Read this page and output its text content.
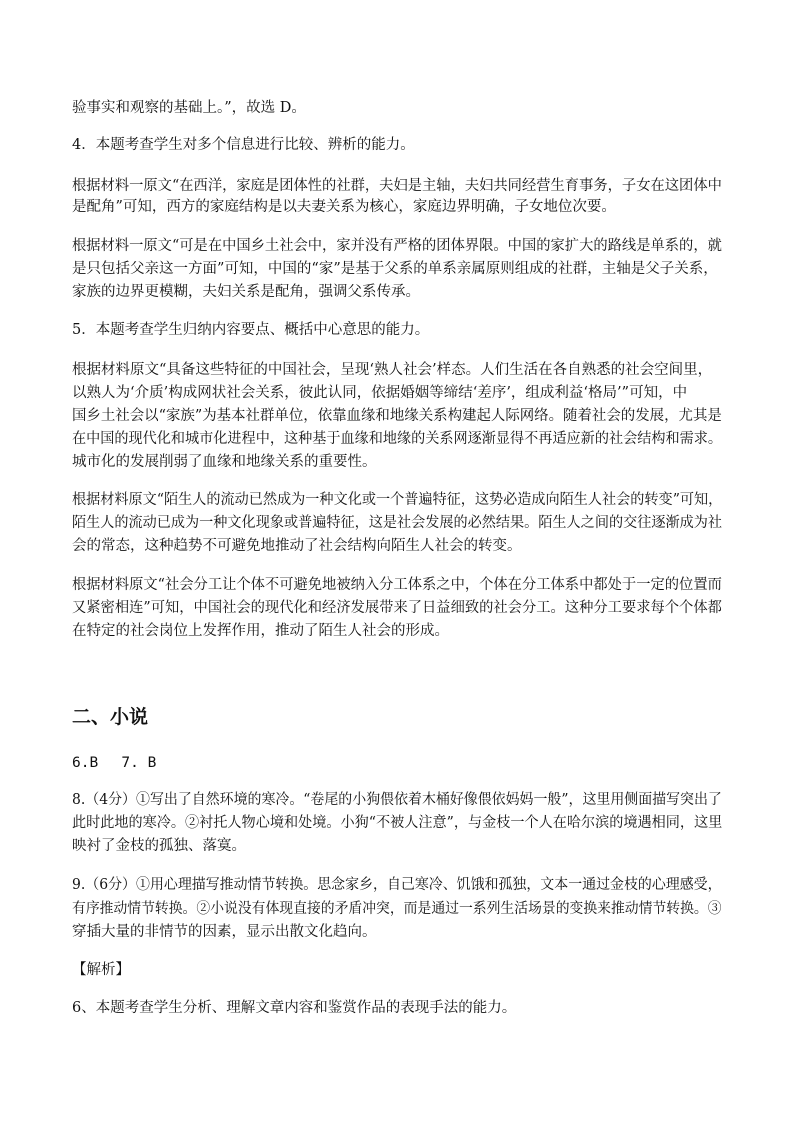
验事实和观察的基础上。”，故选 D。
4．本题考查学生对多个信息进行比较、辨析的能力。
根据材料一原文“在西洋，家庭是团体性的社群，夫妇是主轴，夫妇共同经营生育事务，子女在这团体中
是配角”可知，西方的家庭结构是以夫妻关系为核心，家庭边界明确，子女地位次要。
根据材料一原文“可是在中国乡土社会中，家并没有严格的团体界限。中国的家扩大的路线是单系的，就
是只包括父亲这一方面”可知，中国的“家”是基于父系的单系亲属原则组成的社群，主轴是父子关系，
家族的边界更模糊，夫妇关系是配角，强调父系传承。
5．本题考查学生归纳内容要点、概括中心意思的能力。
根据材料原文“具备这些特征的中国社会，呈现‘熟人社会’样态。人们生活在各自熟悉的社会空间里，
以熟人为‘介质’构成网状社会关系，彼此认同，依据婚姻等缔结‘差序’，组成利益‘格局’”可知，中
国乡土社会以“家族”为基本社群单位，依靠血缘和地缘关系构建起人际网络。随着社会的发展，尤其是
在中国的现代化和城市化进程中，这种基于血缘和地缘的关系网逐渐显得不再适应新的社会结构和需求。
城市化的发展削弱了血缘和地缘关系的重要性。
根据材料原文“陌生人的流动已然成为一种文化或一个普遍特征，这势必造成向陌生人社会的转变”可知，
陌生人的流动已成为一种文化现象或普遍特征，这是社会发展的必然结果。陌生人之间的交往逐渐成为社
会的常态，这种趋势不可避免地推动了社会结构向陌生人社会的转变。
根据材料原文“社会分工让个体不可避免地被纳入分工体系之中，个体在分工体系中都处于一定的位置而
又紧密相连”可知，中国社会的现代化和经济发展带来了日益细致的社会分工。这种分工要求每个个体都
在特定的社会岗位上发挥作用，推动了陌生人社会的形成。
二、小说
6.B　 7. B
8.（4分）①写出了自然环境的寒冷。“卷尾的小狗偎依着木桶好像偎依妈妈一般”，这里用侧面描写突出了
此时此地的寒冷。②衬托人物心境和处境。小狗“不被人注意”，与金枝一个人在哈尔滨的境遇相同，这里
映衬了金枝的孤独、落寞。
9.（6分）①用心理描写推动情节转换。思念家乡，自己寒冷、饥饿和孤独，文本一通过金枝的心理感受，
有序推动情节转换。②小说没有体现直接的矛盾冲突，而是通过一系列生活场景的变换来推动情节转换。③
穿插大量的非情节的因素，显示出散文化趋向。
【解析】
6、本题考查学生分析、理解文章内容和鉴赏作品的表现手法的能力。
